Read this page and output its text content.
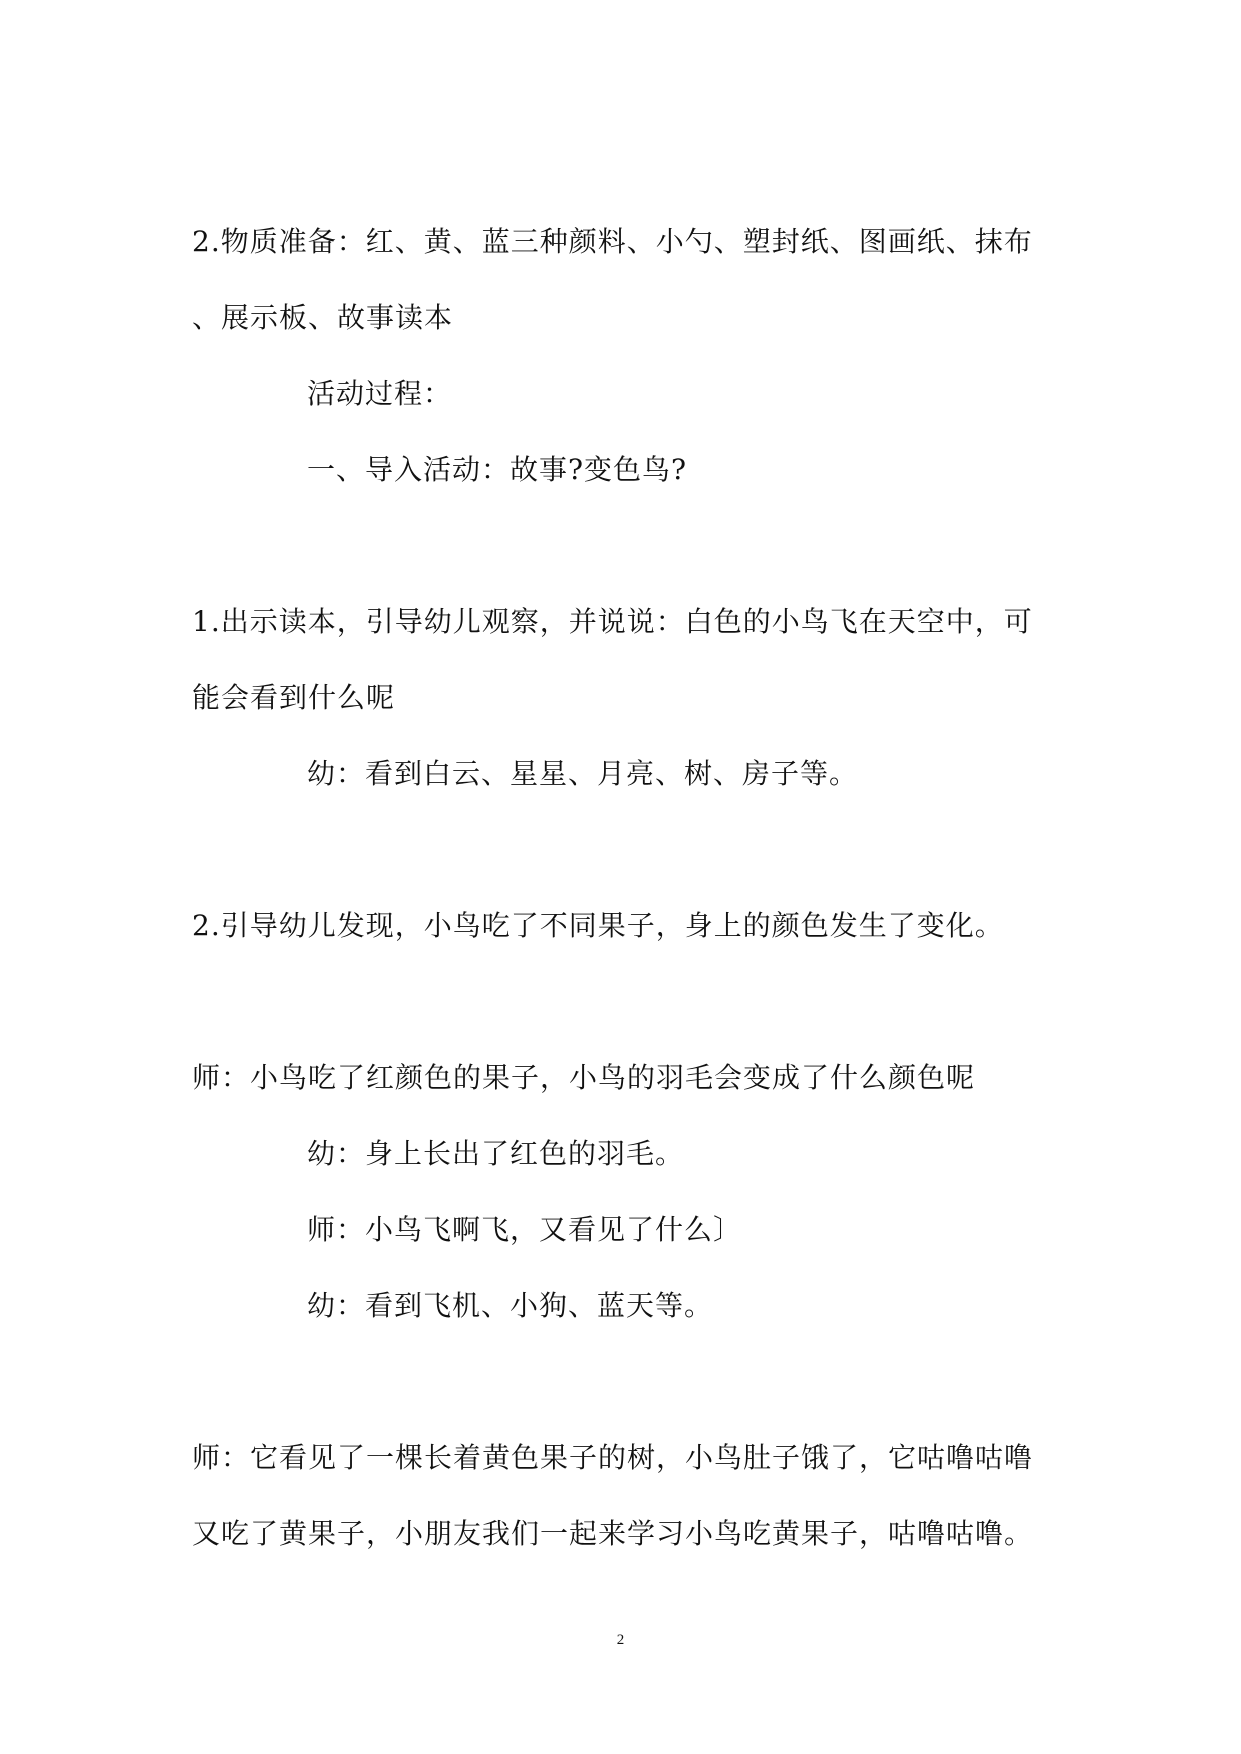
2.物质准备：红、黄、蓝三种颜料、小勺、塑封纸、图画纸、抹布
、展示板、故事读本
活动过程：
一、导入活动：故事?变色鸟?
1.出示读本，引导幼儿观察，并说说：白色的小鸟飞在天空中，可
能会看到什么呢
幼：看到白云、星星、月亮、树、房子等。
2.引导幼儿发现，小鸟吃了不同果子，身上的颜色发生了变化。
师：小鸟吃了红颜色的果子，小鸟的羽毛会变成了什么颜色呢
幼：身上长出了红色的羽毛。
师：小鸟飞啊飞，又看见了什么〕
幼：看到飞机、小狗、蓝天等。
师：它看见了一棵长着黄色果子的树，小鸟肚子饿了，它咕噜咕噜
又吃了黄果子，小朋友我们一起来学习小鸟吃黄果子，咕噜咕噜。
2
